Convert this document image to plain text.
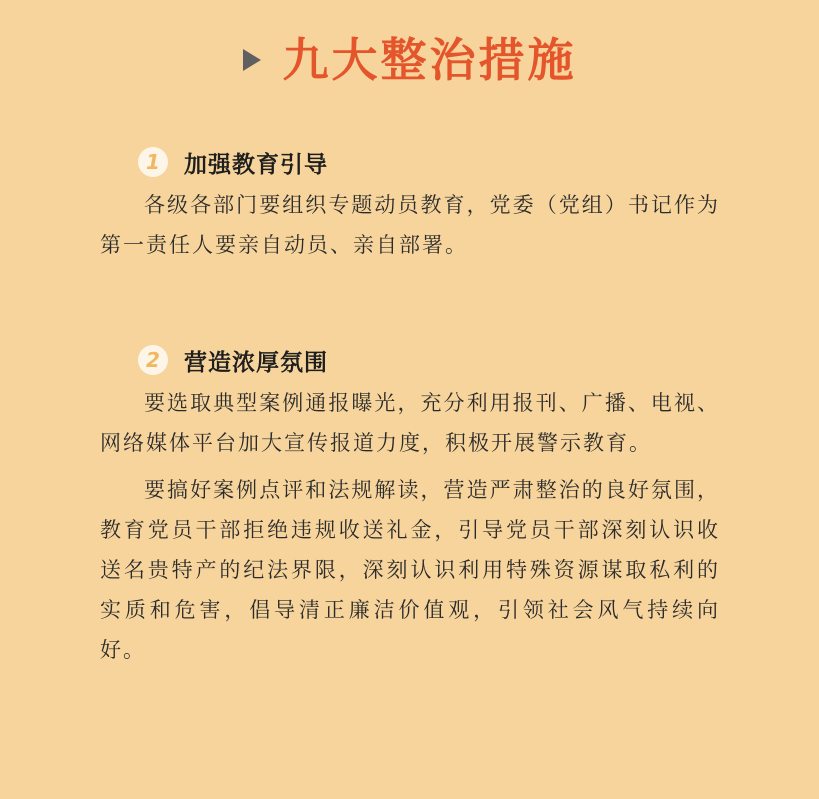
九大整治措施
1 加强教育引导

各级各部门要组织专题动员教育，党委（党组）书记作为第一责任人要亲自动员、亲自部署。

2 营造浓厚氛围

要选取典型案例通报曝光，充分利用报刊、广播、电视、网络媒体平台加大宣传报道力度，积极开展警示教育。

要搞好案例点评和法规解读，营造严肃整治的良好氛围，教育党员干部拒绝违规收送礼金，引导党员干部深刻认识收送名贵特产的纪法界限，深刻认识利用特殊资源谋取私利的实质和危害，倡导清正廉洁价值观，引领社会风气持续向好。
